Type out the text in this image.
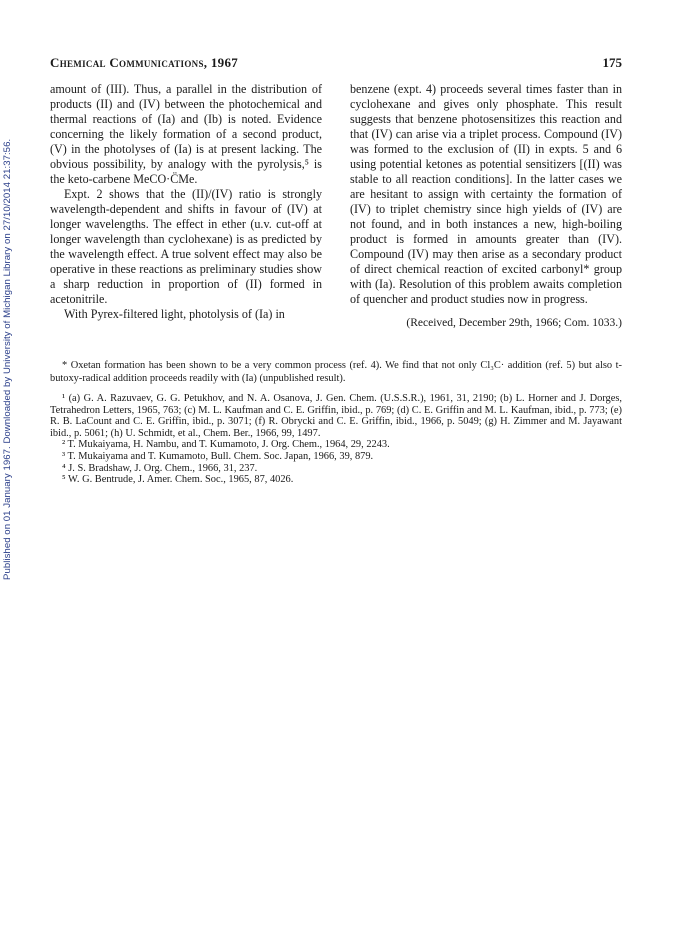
Published on 01 January 1967. Downloaded by University of Michigan Library on 27/10/2014 21:37:56.
Chemical Communications, 1967	175

amount of (III). Thus, a parallel in the distribution of products (II) and (IV) between the photochemical and thermal reactions of (Ia) and (Ib) is noted. Evidence concerning the likely formation of a second product, (V) in the photolyses of (Ia) is at present lacking. The obvious possibility, by analogy with the pyrolysis,⁵ is the keto-carbene MeCO·C̈Me.

Expt. 2 shows that the (II)/(IV) ratio is strongly wavelength-dependent and shifts in favour of (IV) at longer wavelengths. The effect in ether (u.v. cut-off at longer wavelength than cyclohexane) is as predicted by the wavelength effect. A true solvent effect may also be operative in these reactions as preliminary studies show a sharp reduction in proportion of (II) formed in acetonitrile.

With Pyrex-filtered light, photolysis of (Ia) in

benzene (expt. 4) proceeds several times faster than in cyclohexane and gives only phosphate. This result suggests that benzene photosensitizes this reaction and that (IV) can arise via a triplet process. Compound (IV) was formed to the exclusion of (II) in expts. 5 and 6 using potential ketones as potential sensitizers [(II) was stable to all reaction conditions]. In the latter cases we are hesitant to assign with certainty the formation of (IV) to triplet chemistry since high yields of (IV) are not found, and in both instances a new, high-boiling product is formed in amounts greater than (IV). Compound (IV) may then arise as a secondary product of direct chemical reaction of excited carbonyl* group with (Ia). Resolution of this problem awaits completion of quencher and product studies now in progress.

(Received, December 29th, 1966; Com. 1033.)

* Oxetan formation has been shown to be a very common process (ref. 4). We find that not only Cl₃C· addition (ref. 5) but also t-butoxy-radical addition proceeds readily with (Ia) (unpublished result).

¹ (a) G. A. Razuvaev, G. G. Petukhov, and N. A. Osanova, J. Gen. Chem. (U.S.S.R.), 1961, 31, 2190; (b) L. Horner and J. Dorges, Tetrahedron Letters, 1965, 763; (c) M. L. Kaufman and C. E. Griffin, ibid., p. 769; (d) C. E. Griffin and M. L. Kaufman, ibid., p. 773; (e) R. B. LaCount and C. E. Griffin, ibid., p. 3071; (f) R. Obrycki and C. E. Griffin, ibid., 1966, p. 5049; (g) H. Zimmer and M. Jayawant ibid., p. 5061; (h) U. Schmidt, et al., Chem. Ber., 1966, 99, 1497.

² T. Mukaiyama, H. Nambu, and T. Kumamoto, J. Org. Chem., 1964, 29, 2243.

³ T. Mukaiyama and T. Kumamoto, Bull. Chem. Soc. Japan, 1966, 39, 879.

⁴ J. S. Bradshaw, J. Org. Chem., 1966, 31, 237.

⁵ W. G. Bentrude, J. Amer. Chem. Soc., 1965, 87, 4026.
